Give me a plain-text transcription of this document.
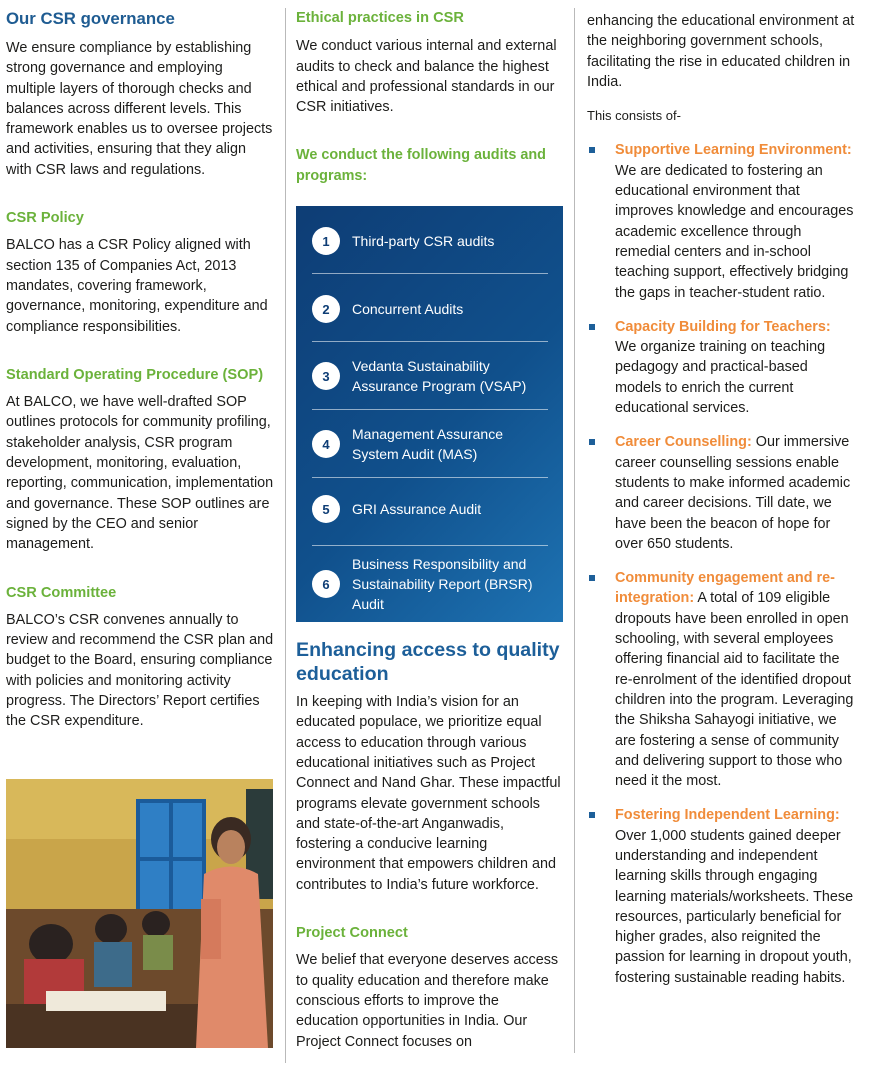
Our CSR governance

We ensure compliance by establishing strong governance and employing multiple layers of thorough checks and balances across different levels. This framework enables us to oversee projects and activities, ensuring that they align with CSR laws and regulations.

CSR Policy

BALCO has a CSR Policy aligned with section 135 of Companies Act, 2013 mandates, covering framework, governance, monitoring, expenditure and compliance responsibilities.

Standard Operating Procedure (SOP)

At BALCO, we have well-drafted SOP outlines protocols for community profiling, stakeholder analysis, CSR program development, monitoring, evaluation, reporting, communication, implementation and governance. These SOP outlines are signed by the CEO and senior management.

CSR Committee

BALCO’s CSR convenes annually to review and recommend the CSR plan and budget to the Board, ensuring compliance with policies and monitoring activity progress. The Directors’ Report certifies the CSR expenditure.

Ethical practices in CSR

We conduct various internal and external audits to check and balance the highest ethical and professional standards in our CSR initiatives.

We conduct the following audits and programs:
1	Third-party CSR audits
2	Concurrent Audits
3
Vedanta Sustainability Assurance Program (VSAP)
4
Management Assurance System Audit (MAS)
5	GRI Assurance Audit
6
Business Responsibility and Sustainability Report (BRSR) Audit
Enhancing access to quality education

In keeping with India’s vision for an educated populace, we prioritize equal access to education through various educational initiatives such as Project Connect and Nand Ghar. These impactful programs elevate government schools and state-of-the-art Anganwadis, fostering a conducive learning environment that empowers children and contributes to India’s future workforce.

Project Connect

We belief that everyone deserves access to quality education and therefore make conscious efforts to improve the education opportunities in India. Our Project Connect focuses on

enhancing the educational environment at the neighboring government schools, facilitating the rise in educated children in India.

This consists of-

Supportive Learning Environment: We are dedicated to fostering an educational environment that improves knowledge and encourages academic excellence through remedial centers and in-school teaching support, effectively bridging the gaps in teacher-student ratio.
Capacity Building for Teachers: We organize training on teaching pedagogy and practical-based models to enrich the current educational services.
Career Counselling: Our immersive career counselling sessions enable students to make informed academic and career decisions. Till date, we have been the beacon of hope for over 650 students.
Community engagement and re-integration: A total of 109 eligible dropouts have been enrolled in open schooling, with several employees offering financial aid to facilitate the re-enrolment of the identified dropout children into the program. Leveraging the Shiksha Sahayogi initiative, we are fostering a sense of community and delivering support to those who need it the most.
Fostering Independent Learning: Over 1,000 students gained deeper understanding and independent learning skills through engaging learning materials/worksheets. These resources, particularly beneficial for higher grades, also reignited the passion for learning in dropout youth, fostering sustainable reading habits.
